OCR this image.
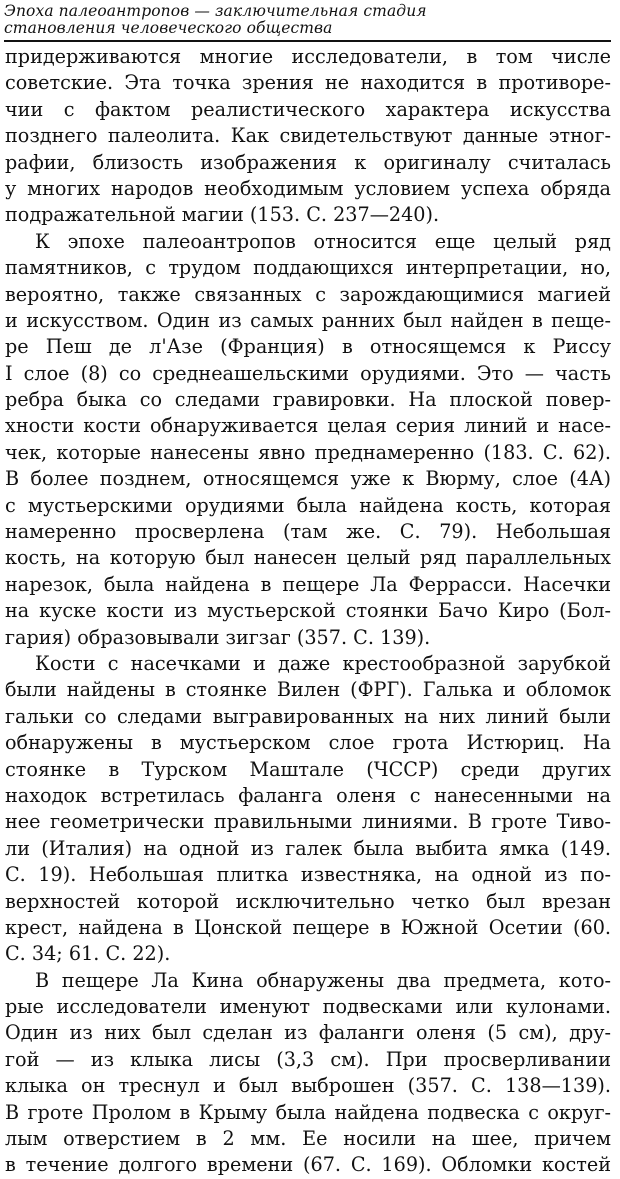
Эпоха палеоантропов — заключительная стадия
становления человеческого общества
придерживаются многие исследователи, в том числе
советские. Эта точка зрения не находится в противоре-
чии с фактом реалистического характера искусства
позднего палеолита. Как свидетельствуют данные этног-
рафии, близость изображения к оригиналу считалась
у многих народов необходимым условием успеха обряда
подражательной магии (153. С. 237—240).
К эпохе палеоантропов относится еще целый ряд
памятников, с трудом поддающихся интерпретации, но,
вероятно, также связанных с зарождающимися магией
и искусством. Один из самых ранних был найден в пеще-
ре Пеш де л'Азе (Франция) в относящемся к Риссу
I слое (8) со среднеашельскими орудиями. Это — часть
ребра быка со следами гравировки. На плоской повер-
хности кости обнаруживается целая серия линий и насе-
чек, которые нанесены явно преднамеренно (183. С. 62).
В более позднем, относящемся уже к Вюрму, слое (4А)
с мустьерскими орудиями была найдена кость, которая
намеренно просверлена (там же. С. 79). Небольшая
кость, на которую был нанесен целый ряд параллельных
нарезок, была найдена в пещере Ла Феррасси. Насечки
на куске кости из мустьерской стоянки Бачо Киро (Бол-
гария) образовывали зигзаг (357. С. 139).
Кости с насечками и даже крестообразной зарубкой
были найдены в стоянке Вилен (ФРГ). Галька и обломок
гальки со следами выгравированных на них линий были
обнаружены в мустьерском слое грота Истюриц. На
стоянке в Турском Маштале (ЧССР) среди других
находок встретилась фаланга оленя с нанесенными на
нее геометрически правильными линиями. В гроте Тиво-
ли (Италия) на одной из галек была выбита ямка (149.
С. 19). Небольшая плитка известняка, на одной из по-
верхностей которой исключительно четко был врезан
крест, найдена в Цонской пещере в Южной Осетии (60.
С. 34; 61. С. 22).
В пещере Ла Кина обнаружены два предмета, кото-
рые исследователи именуют подвесками или кулонами.
Один из них был сделан из фаланги оленя (5 см), дру-
гой — из клыка лисы (3,3 см). При просверливании
клыка он треснул и был выброшен (357. С. 138—139).
В гроте Пролом в Крыму была найдена подвеска с округ-
лым отверстием в 2 мм. Ее носили на шее, причем
в течение долгого времени (67. С. 169). Обломки костей
